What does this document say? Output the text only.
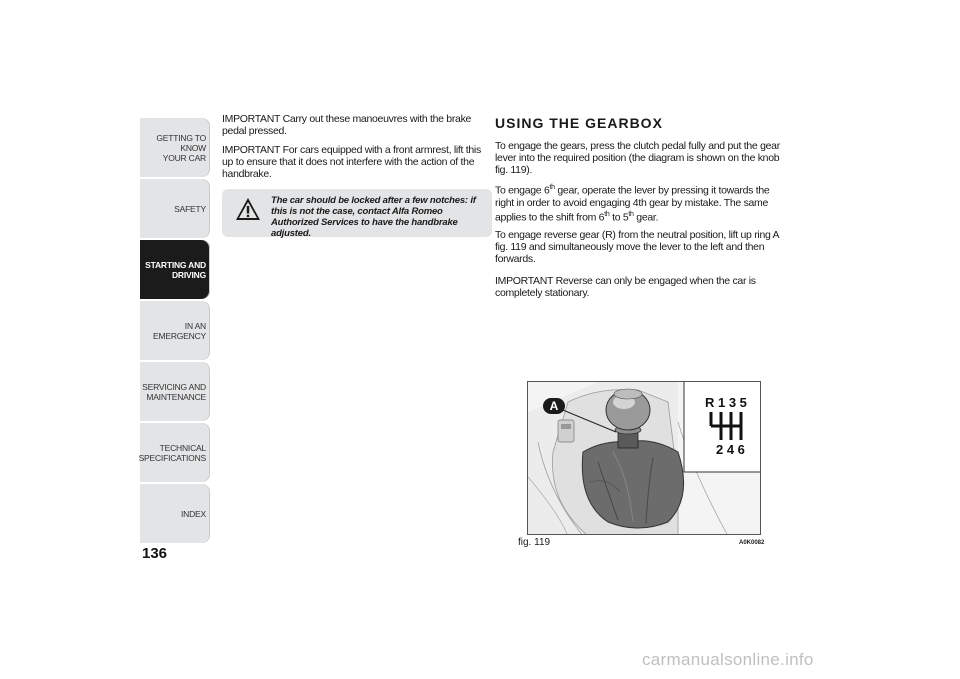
GETTING TO KNOW
YOUR CAR
SAFETY
STARTING AND
DRIVING
IN AN EMERGENCY
SERVICING AND
MAINTENANCE
TECHNICAL
SPECIFICATIONS
INDEX
136

IMPORTANT Carry out these manoeuvres with the brake pedal pressed.

IMPORTANT For cars equipped with a front armrest, lift this up to ensure that it does not interfere with the action of the handbrake.

The car should be locked after a few notches: if this is not the case, contact Alfa Romeo Authorized Services to have the handbrake adjusted.
USING THE GEARBOX

To engage the gears, press the clutch pedal fully and put the gear lever into the required position (the diagram is shown on the knob fig. 119).

To engage 6th gear, operate the lever by pressing it towards the right in order to avoid engaging 4th gear by mistake. The same applies to the shift from 6th to 5th gear.

To engage reverse gear (R) from the neutral position, lift up ring A fig. 119 and simultaneously move the lever to the left and then forwards.

IMPORTANT Reverse can only be engaged when the car is completely stationary.

A	R 1 3 5
2 4 6
fig. 119	A0K0082
carmanualsonline.info
